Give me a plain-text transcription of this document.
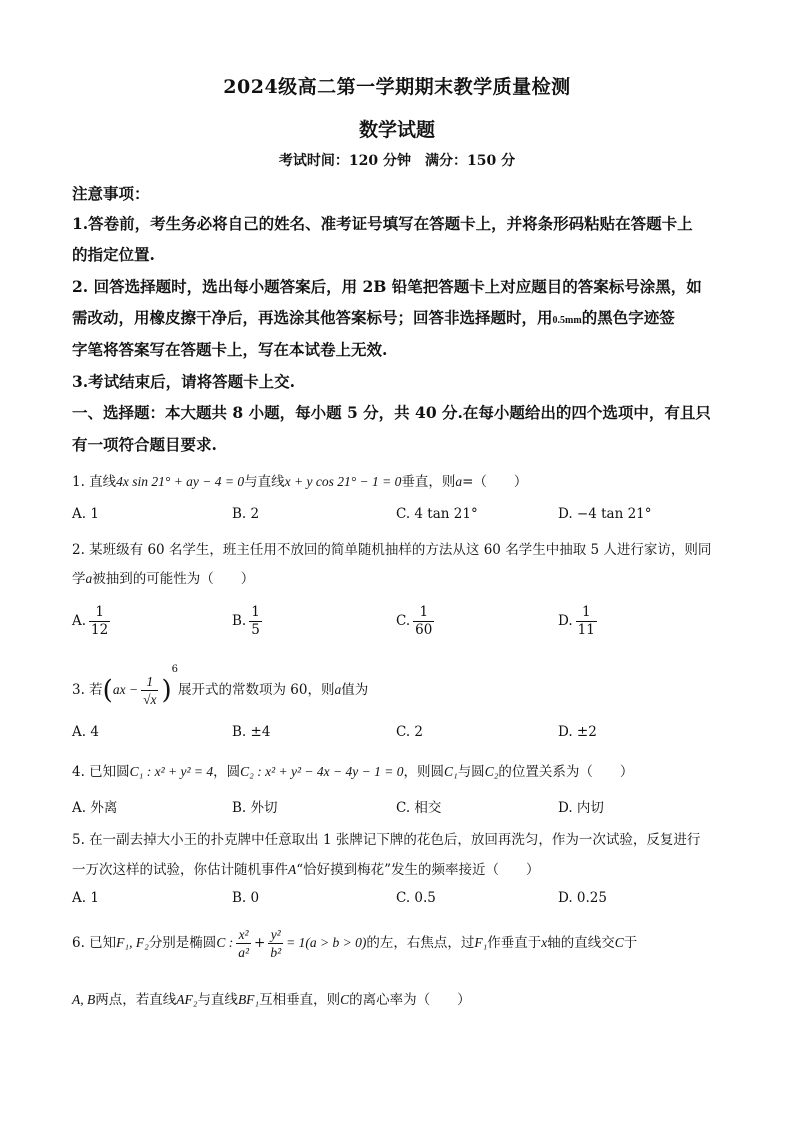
2024级高二第一学期期末教学质量检测
数学试题
考试时间：120 分钟　满分：150 分
注意事项：
1.答卷前，考生务必将自己的姓名、准考证号填写在答题卡上，并将条形码粘贴在答题卡上
的指定位置.
2. 回答选择题时，选出每小题答案后，用 2B 铅笔把答题卡上对应题目的答案标号涂黑，如
需改动，用橡皮擦干净后，再选涂其他答案标号；回答非选择题时，用0.5mm的黑色字迹签
字笔将答案写在答题卡上，写在本试卷上无效.
3.考试结束后，请将答题卡上交.
一、选择题：本大题共 8 小题，每小题 5 分，共 40 分.在每小题给出的四个选项中，有且只
有一项符合题目要求.
1. 直线4x sin 21° + ay − 4 = 0与直线x + y cos 21° − 1 = 0垂直，则a=（　　）
A. 1	B. 2	C. 4 tan 21°	D. −4 tan 21°
2. 某班级有 60 名学生，班主任用不放回的简单随机抽样的方法从这 60 名学生中抽取 5 人进行家访，则同
学a被抽到的可能性为（　　）
A. $\frac{1}{12}$	B. $\frac{1}{5}$	C. $\frac{1}{60}$	D. $\frac{1}{11}$
3. 若$(ax - \frac{1}{√x} )^6$展开式的常数项为 60，则a值为
A. 4	B. ±4	C. 2	D. ±2
4. 已知圆C₁ : x² + y² = 4，圆C₂ : x² + y² − 4x − 4y − 1 = 0，则圆C₁与圆C₂的位置关系为（　　）
A. 外离	B. 外切	C. 相交	D. 内切
5. 在一副去掉大小王的扑克牌中任意取出 1 张牌记下牌的花色后，放回再洗匀，作为一次试验，反复进行
一万次这样的试验，你估计随机事件A“恰好摸到梅花”发生的频率接近（　　）
A. 1	B. 0	C. 0.5	D. 0.25
6. 已知F₁, F₂分别是椭圆C : $\frac{\text{x²}}{\text{a²}} + \frac{\text{y²}}{\text{b²}} = 1(a > b > 0)$的左，右焦点，过F₁作垂直于x轴的直线交C于
A, B两点，若直线AF₂与直线BF₁互相垂直，则C的离心率为（　　）
